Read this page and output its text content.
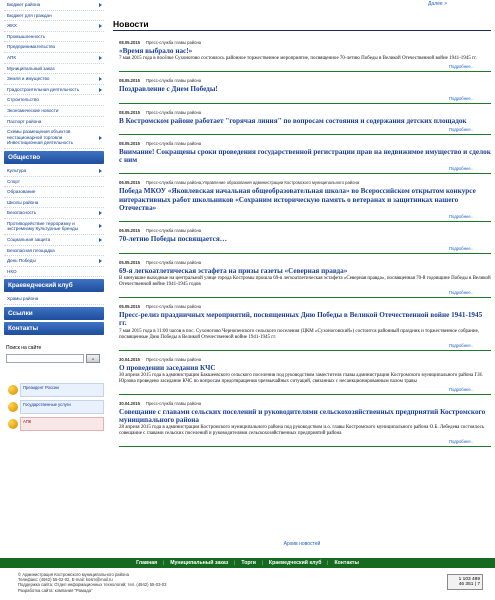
Бюджет района
Бюджет для граждан
ЖКХ
Промышленность
Предпринимательство
АПК
Муниципальный заказ
Земля и имущество
Градостроительная деятельность
Строительство
Экономические новости
Паспорт района
Схемы размещения объектов нестационарной торговли Инвестиционная деятельность
Общество
Культура
Спорт
Образование
Школы района
Безопасность
Противодействие терроризму и экстремизму Культурные бренды
Социальная защита
Безопасная площадка
День Победы
НКО
Краеведческий клуб
Храмы района
Ссылки
Контакты
Поиск на сайте
»
Президент России
Государственные услуги
АПК
Далее >
Новости
08.05.2015 Пресс-служба главы района
«Время выбрало нас!»
7 мая 2015 года в посёлке Сухоногово состоялось районное торжественное мероприятие, посвященное 70-летию Победы в Великой Отечественной войне 1941-1945 гг.
Подробнее..
08.05.2015 Пресс-служба главы района
Поздравление с Днем Победы!
Подробнее..
08.05.2015 Пресс-служба главы района
В Костромском районе работает "горячая линия" по вопросам состояния и содержания детских площадок
Подробнее..
08.05.2015 Пресс-служба главы района
Внимание! Сокращены сроки проведения государственной регистрации прав на недвижимое имущество и сделок с ним
Подробнее..
06.05.2015 Пресс-служба главы района,Управление образования администрации Костромского муниципального района
Победа МКОУ «Яковлевская начальная общеобразовательная школа» во Всероссийском открытом конкурсе интерактивных работ школьников «Сохраним историческую память о ветеранах и защитниках нашего Отечества»
Подробнее..
06.05.2015 Пресс-служба главы района
70-летию Победы посвящается…
Подробнее..
05.05.2015 Пресс-служба главы района
69-я легкоатлетическая эстафета на призы газеты «Северная правда»
В минувшие выходные на центральной улице города Костромы прошла 69-я легкоатлетическая эстафета «Северная правда», посвященная 70-й годовщине Победы в Великой Отечественной войне 1941-1945 годов
Подробнее..
05.05.2015 Пресс-служба главы района
Пресс-релиз праздничных мероприятий, посвященных Дню Победы в Великой Отечественной войне 1941-1945 гг.
7 мая 2015 года в 11:00 часов в пос. Сухоногово Чернопенского сельского поселения (ЦКМ «Сухоноговский») состоится районный праздник и торжественное собрание, посвященные Дню Победы в Великой Отечественной войне 1941-1945 гг.
Подробнее..
30.04.2015 Пресс-служба главы района
О проведении заседания КЧС
30 апреля 2015 года в администрации Бакшеевского сельского поселения под руководством заместителя главы администрации Костромского муниципального района Г.Н. Юрзова проведено заседание КЧС по вопросам предотвращения чрезвычайных ситуаций, связанных с несанкционированным палом травы
Подробнее..
30.04.2015 Пресс-служба главы района
Совещание с главами сельских поселений и руководителями сельскохозяйственных предприятий Костромского муниципального района
28 апреля 2015 года в администрации Костромского муниципального района под руководством и.о. главы Костромского муниципального района О.Б. Лебедева состоялось совещание с главами сельских поселений и руководителями сельскохозяйственных предприятий района
Подробнее..
Архив новостей
Главная	|	Муниципальный заказ	|	Торги	|	Краеведческий клуб	|	Контакты
© Администрация Костромского муниципального района
Телефакс: (4942) 55-02-02, E-mail: kosm@mail.ru
Поддержка сайта: Отдел информационных технологий; тел. (4942) 55-03-03
Разработка сайта: компания "Рамада"
1 103 489
46 351 | 7
